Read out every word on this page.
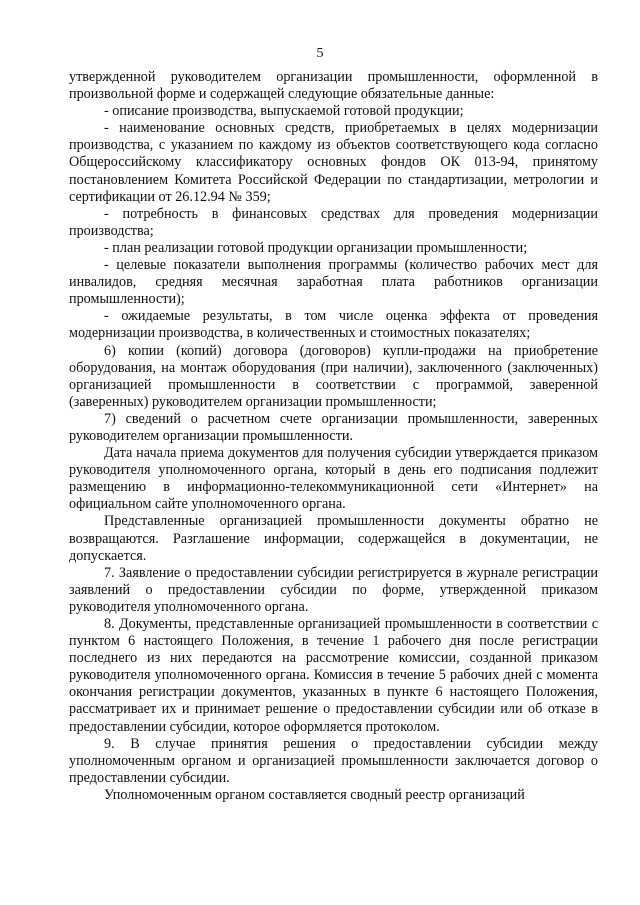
5

утвержденной руководителем организации промышленности, оформленной в произвольной форме и содержащей следующие обязательные данные:

- описание производства, выпускаемой готовой продукции;

- наименование основных средств, приобретаемых в целях модернизации производства, с указанием по каждому из объектов соответствующего кода согласно Общероссийскому классификатору основных фондов ОК 013-94, принятому постановлением Комитета Российской Федерации по стандартизации, метрологии и сертификации от 26.12.94 № 359;

- потребность в финансовых средствах для проведения модернизации производства;

- план реализации готовой продукции организации промышленности;

- целевые показатели выполнения программы (количество рабочих мест для инвалидов, средняя месячная заработная плата работников организации промышленности);

- ожидаемые результаты, в том числе оценка эффекта от проведения модернизации производства, в количественных и стоимостных показателях;

6) копии (копий) договора (договоров) купли-продажи на приобретение оборудования, на монтаж оборудования (при наличии), заключенного (заключенных) организацией промышленности в соответствии с программой, заверенной (заверенных) руководителем организации промышленности;

7) сведений о расчетном счете организации промышленности, заверенных руководителем организации промышленности.

Дата начала приема документов для получения субсидии утверждается приказом руководителя уполномоченного органа, который в день его подписания подлежит размещению в информационно-телекоммуникационной сети «Интернет» на официальном сайте уполномоченного органа.

Представленные организацией промышленности документы обратно не возвращаются. Разглашение информации, содержащейся в документации, не допускается.

7. Заявление о предоставлении субсидии регистрируется в журнале регистрации заявлений о предоставлении субсидии по форме, утвержденной приказом руководителя уполномоченного органа.

8. Документы, представленные организацией промышленности в соответствии с пунктом 6 настоящего Положения, в течение 1 рабочего дня после регистрации последнего из них передаются на рассмотрение комиссии, созданной приказом руководителя уполномоченного органа. Комиссия в течение 5 рабочих дней с момента окончания регистрации документов, указанных в пункте 6 настоящего Положения, рассматривает их и принимает решение о предоставлении субсидии или об отказе в предоставлении субсидии, которое оформляется протоколом.

9. В случае принятия решения о предоставлении субсидии между уполномоченным органом и организацией промышленности заключается договор о предоставлении субсидии.

Уполномоченным органом составляется сводный реестр организаций
